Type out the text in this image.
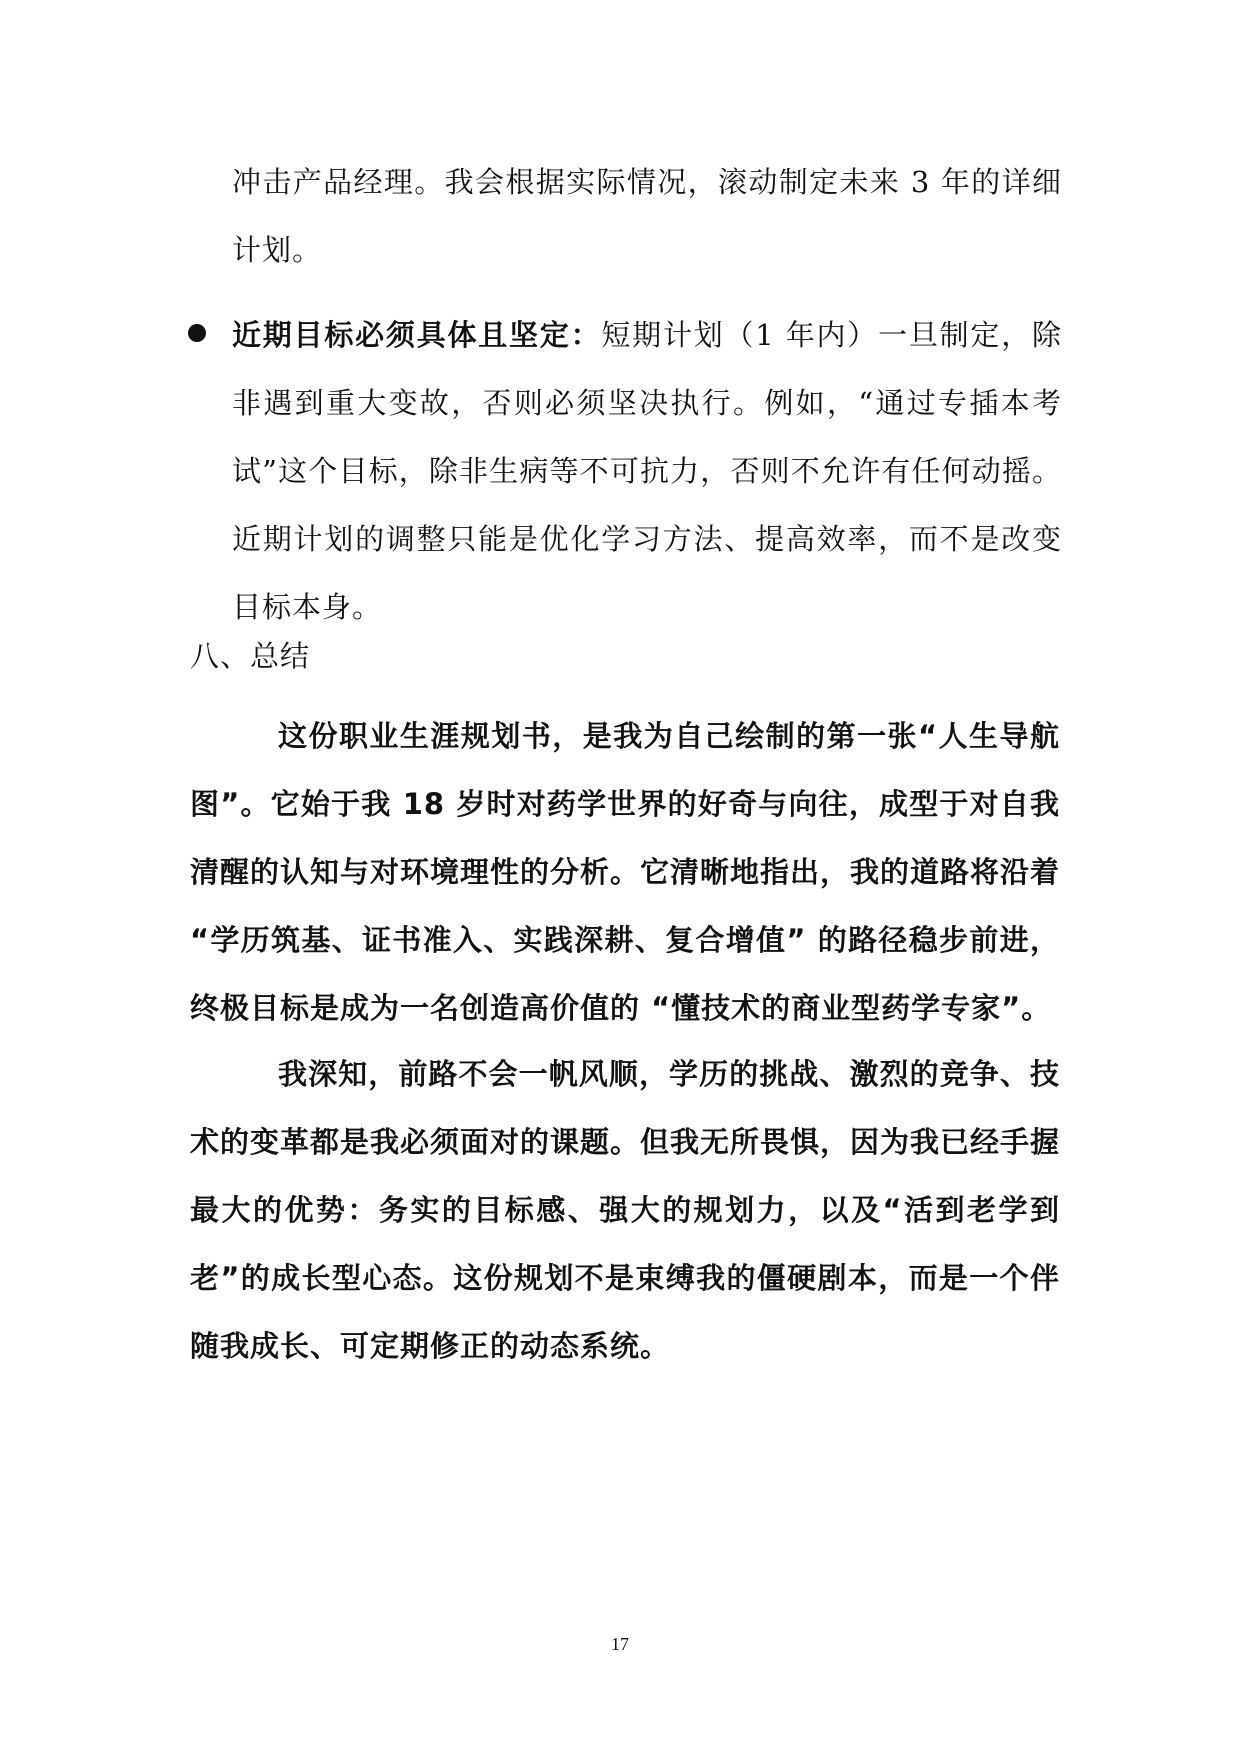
冲击产品经理。我会根据实际情况，滚动制定未来 3 年的详细计划。
近期目标必须具体且坚定：短期计划（1 年内）一旦制定，除非遇到重大变故，否则必须坚决执行。例如，“通过专插本考试”这个目标，除非生病等不可抗力，否则不允许有任何动摇。近期计划的调整只能是优化学习方法、提高效率，而不是改变目标本身。
八、总结
这份职业生涯规划书，是我为自己绘制的第一张“人生导航图”。它始于我 18 岁时对药学世界的好奇与向往，成型于对自我清醒的认知与对环境理性的分析。它清晰地指出，我的道路将沿着 “学历筑基、证书准入、实践深耕、复合增值” 的路径稳步前进，终极目标是成为一名创造高价值的 “懂技术的商业型药学专家”。
我深知，前路不会一帆风顺，学历的挑战、激烈的竞争、技术的变革都是我必须面对的课题。但我无所畏惧，因为我已经手握最大的优势：务实的目标感、强大的规划力，以及“活到老学到老”的成长型心态。这份规划不是束缚我的僵硬剧本，而是一个伴随我成长、可定期修正的动态系统。
17
